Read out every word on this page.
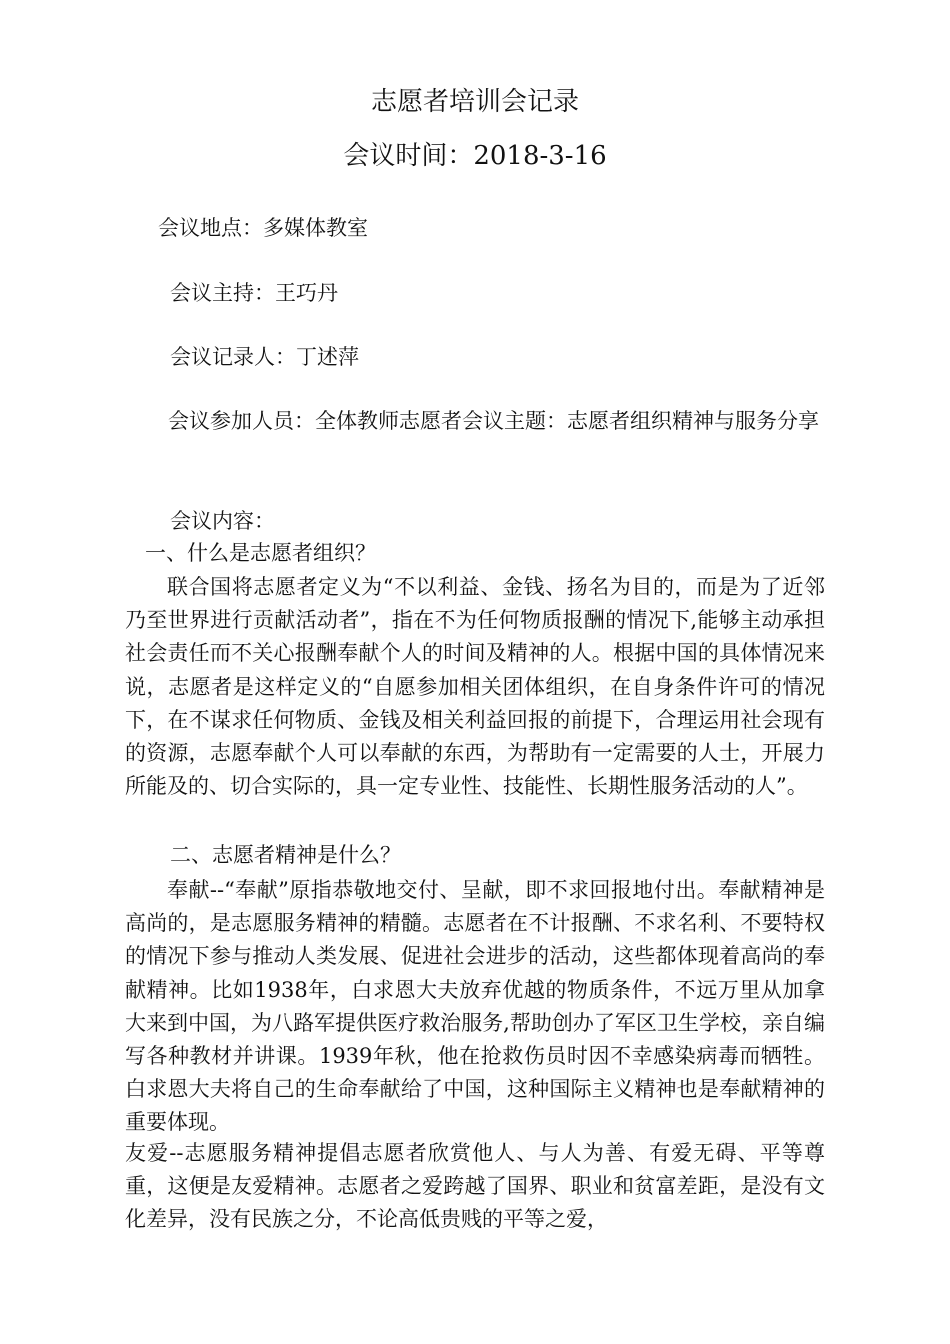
志愿者培训会记录
会议时间：2018-3-16
会议地点：多媒体教室
会议主持：王巧丹
会议记录人：丁述萍
会议参加人员：全体教师志愿者会议主题：志愿者组织精神与服务分享
会议内容：
一、什么是志愿者组织？
联合国将志愿者定义为“不以利益、金钱、扬名为目的，而是为了近邻乃至世界进行贡献活动者”，指在不为任何物质报酬的情况下,能够主动承担社会责任而不关心报酬奉献个人的时间及精神的人。根据中国的具体情况来说，志愿者是这样定义的“自愿参加相关团体组织，在自身条件许可的情况下，在不谋求任何物质、金钱及相关利益回报的前提下，合理运用社会现有的资源，志愿奉献个人可以奉献的东西，为帮助有一定需要的人士，开展力所能及的、切合实际的，具一定专业性、技能性、长期性服务活动的人”。
二、志愿者精神是什么？
奉献--“奉献”原指恭敬地交付、呈献，即不求回报地付出。奉献精神是高尚的，是志愿服务精神的精髓。志愿者在不计报酬、不求名利、不要特权的情况下参与推动人类发展、促进社会进步的活动，这些都体现着高尚的奉献精神。比如1938年，白求恩大夫放弃优越的物质条件，不远万里从加拿大来到中国，为八路军提供医疗救治服务,帮助创办了军区卫生学校，亲自编写各种教材并讲课。1939年秋，他在抢救伤员时因不幸感染病毒而牺牲。白求恩大夫将自己的生命奉献给了中国，这种国际主义精神也是奉献精神的重要体现。
友爱--志愿服务精神提倡志愿者欣赏他人、与人为善、有爱无碍、平等尊重，这便是友爱精神。志愿者之爱跨越了国界、职业和贫富差距，是没有文化差异，没有民族之分，不论高低贵贱的平等之爱，
